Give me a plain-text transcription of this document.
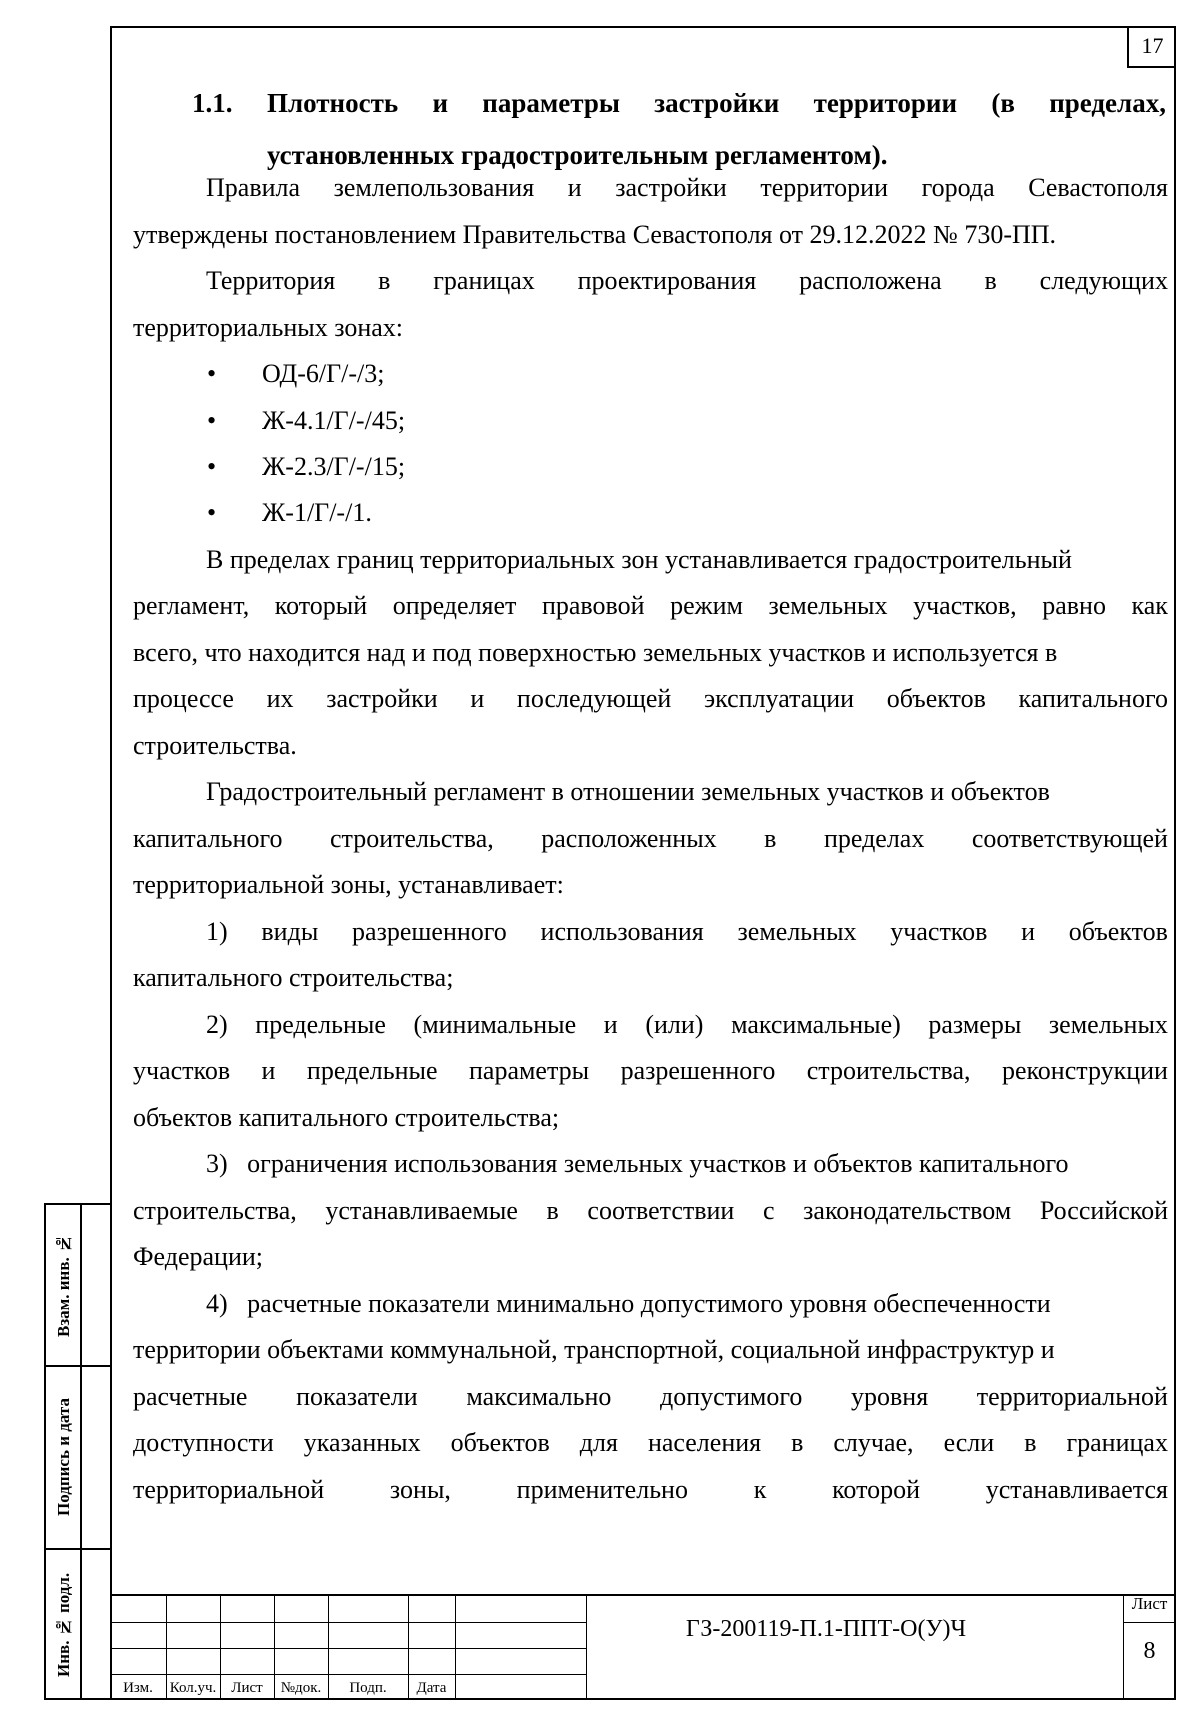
17
1.1. Плотность и параметры застройки территории (в пределах,
установленных градостроительным регламентом).
Правила землепользования и застройки территории города Севастополя
утверждены постановлением Правительства Севастополя от 29.12.2022 № 730-ПП.
Территория в границах проектирования расположена в следующих
территориальных зонах:
• ОД-6/Г/-/3;
• Ж-4.1/Г/-/45;
• Ж-2.3/Г/-/15;
• Ж-1/Г/-/1.
В пределах границ территориальных зон устанавливается градостроительный
регламент, который определяет правовой режим земельных участков, равно как
всего, что находится над и под поверхностью земельных участков и используется в
процессе их застройки и последующей эксплуатации объектов капитального
строительства.
Градостроительный регламент в отношении земельных участков и объектов
капитального строительства, расположенных в пределах соответствующей
территориальной зоны, устанавливает:
1) виды разрешенного использования земельных участков и объектов
капитального строительства;
2) предельные (минимальные и (или) максимальные) размеры земельных
участков и предельные параметры разрешенного строительства, реконструкции
объектов капитального строительства;
3)   ограничения использования земельных участков и объектов капитального
строительства, устанавливаемые в соответствии с законодательством Российской
Федерации;
4)   расчетные показатели минимально допустимого уровня обеспеченности
территории объектами коммунальной, транспортной, социальной инфраструктур и
расчетные показатели максимально допустимого уровня территориальной
доступности указанных объектов для населения в случае, если в границах
территориальной	зоны,	применительно	к	которой	устанавливается
Взам. инв. №
Подпись и дата
Инв. № подл.
Изм.	Кол.уч. Лист	№док.	Подп.	Дата
ГЗ-200119-П.1-ППТ-О(У)Ч
Лист
8
